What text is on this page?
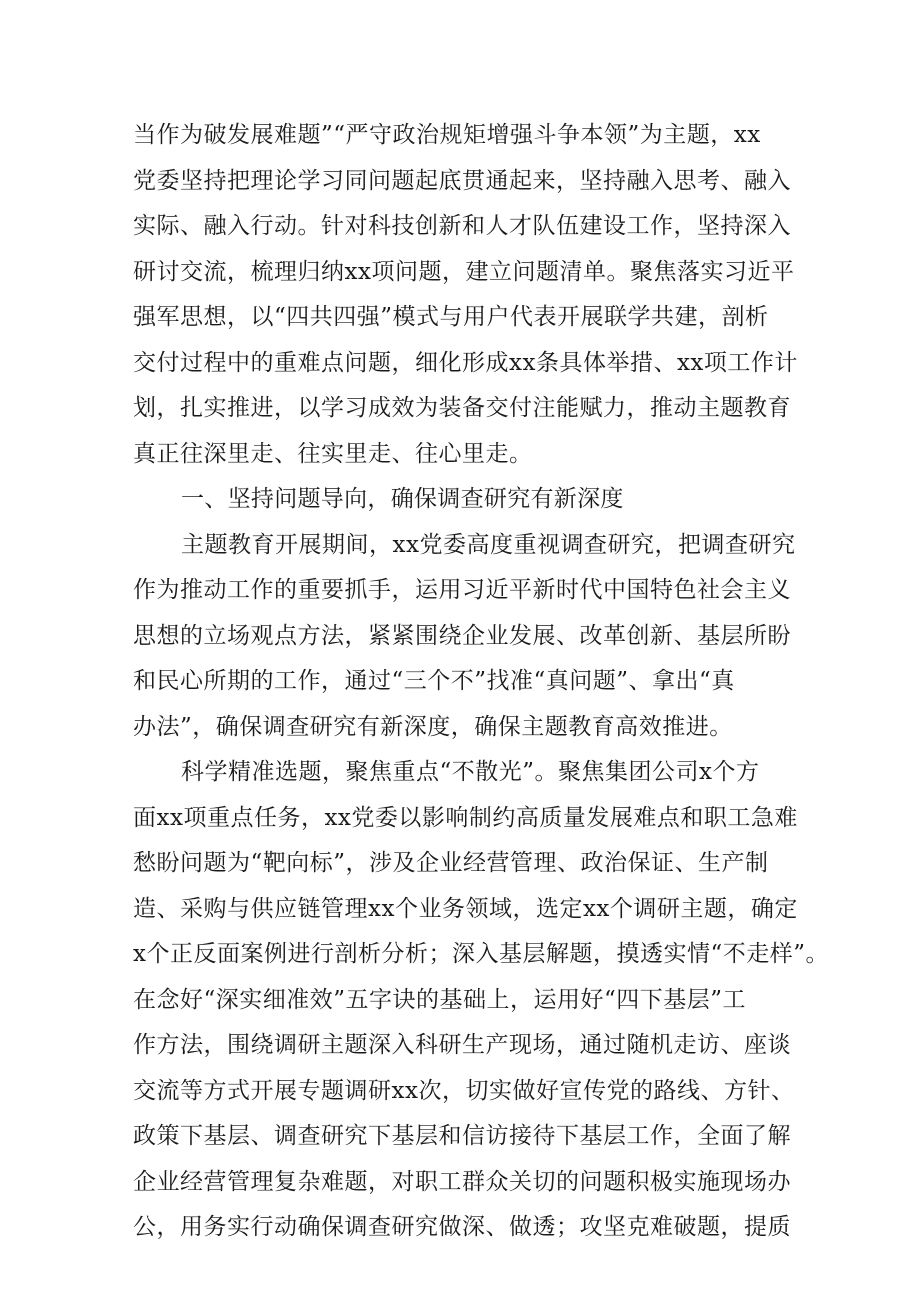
当作为破发展难题”“严守政治规矩增强斗争本领”为主题，xx
党委坚持把理论学习同问题起底贯通起来，坚持融入思考、融入
实际、融入行动。针对科技创新和人才队伍建设工作，坚持深入
研讨交流，梳理归纳xx项问题，建立问题清单。聚焦落实习近平
强军思想，以“四共四强”模式与用户代表开展联学共建，剖析
交付过程中的重难点问题，细化形成xx条具体举措、xx项工作计
划，扎实推进，以学习成效为装备交付注能赋力，推动主题教育
真正往深里走、往实里走、往心里走。

一、坚持问题导向，确保调查研究有新深度

主题教育开展期间，xx党委高度重视调查研究，把调查研究
作为推动工作的重要抓手，运用习近平新时代中国特色社会主义
思想的立场观点方法，紧紧围绕企业发展、改革创新、基层所盼
和民心所期的工作，通过“三个不”找准“真问题”、拿出“真
办法”，确保调查研究有新深度，确保主题教育高效推进。

科学精准选题，聚焦重点“不散光”。聚焦集团公司x个方
面xx项重点任务，xx党委以影响制约高质量发展难点和职工急难
愁盼问题为“靶向标”，涉及企业经营管理、政治保证、生产制
造、采购与供应链管理xx个业务领域，选定xx个调研主题，确定
x个正反面案例进行剖析分析；深入基层解题，摸透实情“不走样”。
在念好“深实细准效”五字诀的基础上，运用好“四下基层”工
作方法，围绕调研主题深入科研生产现场，通过随机走访、座谈
交流等方式开展专题调研xx次，切实做好宣传党的路线、方针、
政策下基层、调查研究下基层和信访接待下基层工作，全面了解
企业经营管理复杂难题，对职工群众关切的问题积极实施现场办
公，用务实行动确保调查研究做深、做透；攻坚克难破题，提质
